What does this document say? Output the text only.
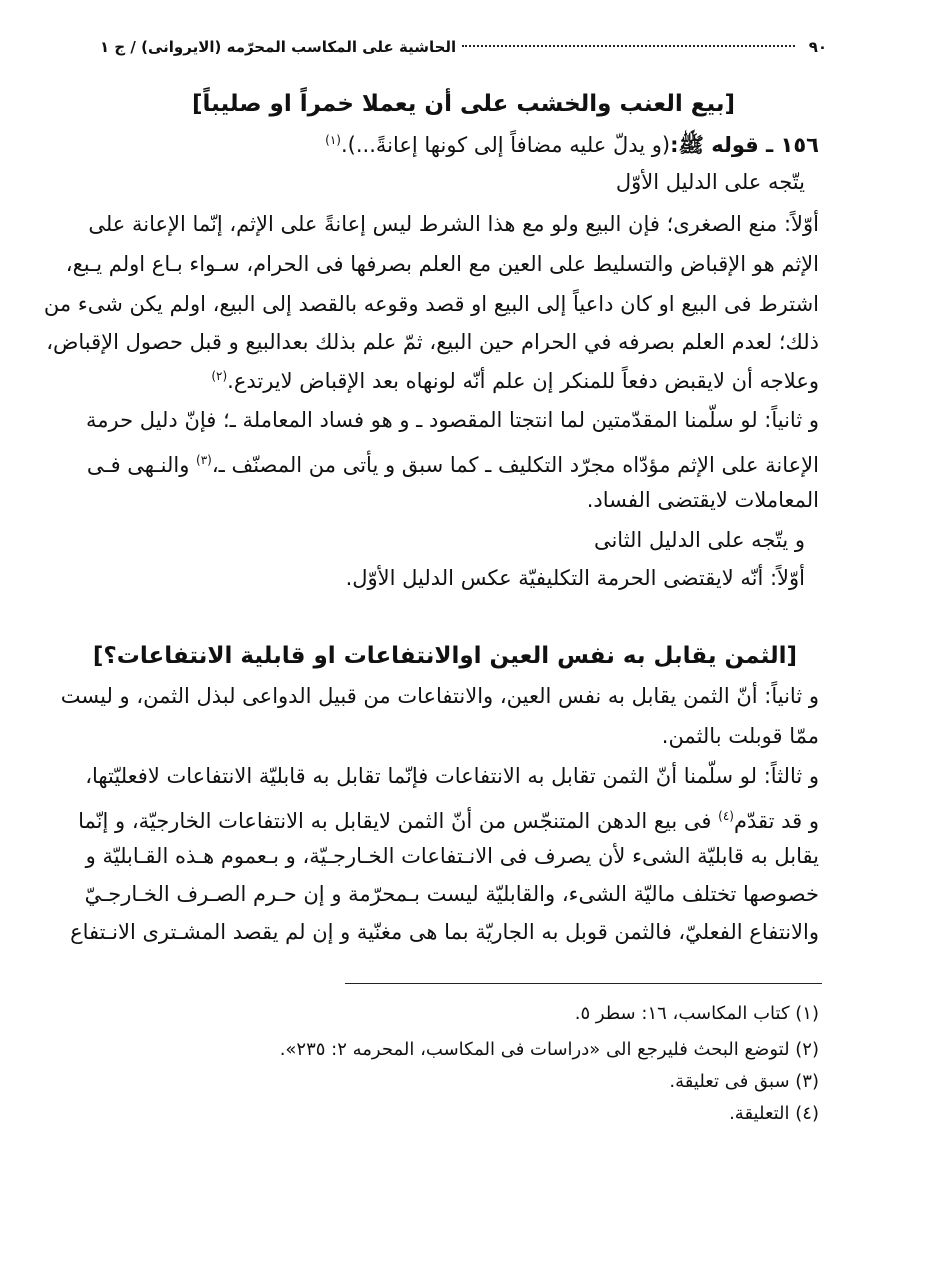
٩٠
الحاشية على المكاسب المحرّمه (الايروانى) / ج ١
[بيع العنب والخشب على أن يعملا خمراً او صليباً]
١٥٦ ـ قوله ﷺ:(و يدلّ عليه مضافاً إلى كونها إعانةً...).$^{(١)}$
يتّجه على الدليل الأوّل
أوّلاً: منع الصغرى؛ فإن البيع ولو مع هذا الشرط ليس إعانةً على الإثم، إنّما الإعانة على
الإثم هو الإقباض والتسليط على العين مع العلم بصرفها فى الحرام، سـواء بـاع اولم يـبع،
اشترط فى البيع او كان داعياً إلى البيع او قصد وقوعه بالقصد إلى البيع، اولم يكن شىء من
ذلك؛ لعدم العلم بصرفه في الحرام حين البيع، ثمّ علم بذلك بعدالبيع و قبل حصول الإقباض،
وعلاجه أن لايقبض دفعاً للمنكر إن علم أنّه لونهاه بعد الإقباض لايرتدع.$^{(٢)}$
و ثانياً: لو سلّمنا المقدّمتين لما انتجتا المقصود ـ و هو فساد المعاملة ـ؛ فإنّ دليل حرمة
الإعانة على الإثم مؤدّاه مجرّد التكليف ـ كما سبق و يأتى من المصنّف ـ،$^{(٣)}$ والنـهى فـى
المعاملات لايقتضى الفساد.
و يتّجه على الدليل الثانى
أوّلاً: أنّه لايقتضى الحرمة التكليفيّة عكس الدليل الأوّل.
[الثمن يقابل به نفس العين اوالانتفاعات او قابلية الانتفاعات؟]
و ثانياً: أنّ الثمن يقابل به نفس العين، والانتفاعات من قبيل الدواعى لبذل الثمن، و ليست
ممّا قوبلت بالثمن.
و ثالثاً: لو سلّمنا أنّ الثمن تقابل به الانتفاعات فإنّما تقابل به قابليّة الانتفاعات لافعليّتها،
و قد تقدّم$^{(٤)}$ فى بيع الدهن المتنجّس من أنّ الثمن لايقابل به الانتفاعات الخارجيّة، و إنّما
يقابل به قابليّة الشىء لأن يصرف فى الانـتفاعات الخـارجـيّة، و بـعموم هـذه القـابليّة و
خصوصها تختلف ماليّة الشىء، والقابليّة ليست بـمحرّمة و إن حـرم الصـرف الخـارجـيّ
والانتفاع الفعليّ، فالثمن قوبل به الجاريّة بما هى مغنّية و إن لم يقصد المشـترى الانـتفاع
(١) كتاب المكاسب، ١٦: سطر ٥.
(٢) لتوضع البحث فليرجع الى «دراسات فى المكاسب، المحرمه ٢: ٢٣٥».
(٣) سبق فى تعليقة.
(٤) التعليقة.
